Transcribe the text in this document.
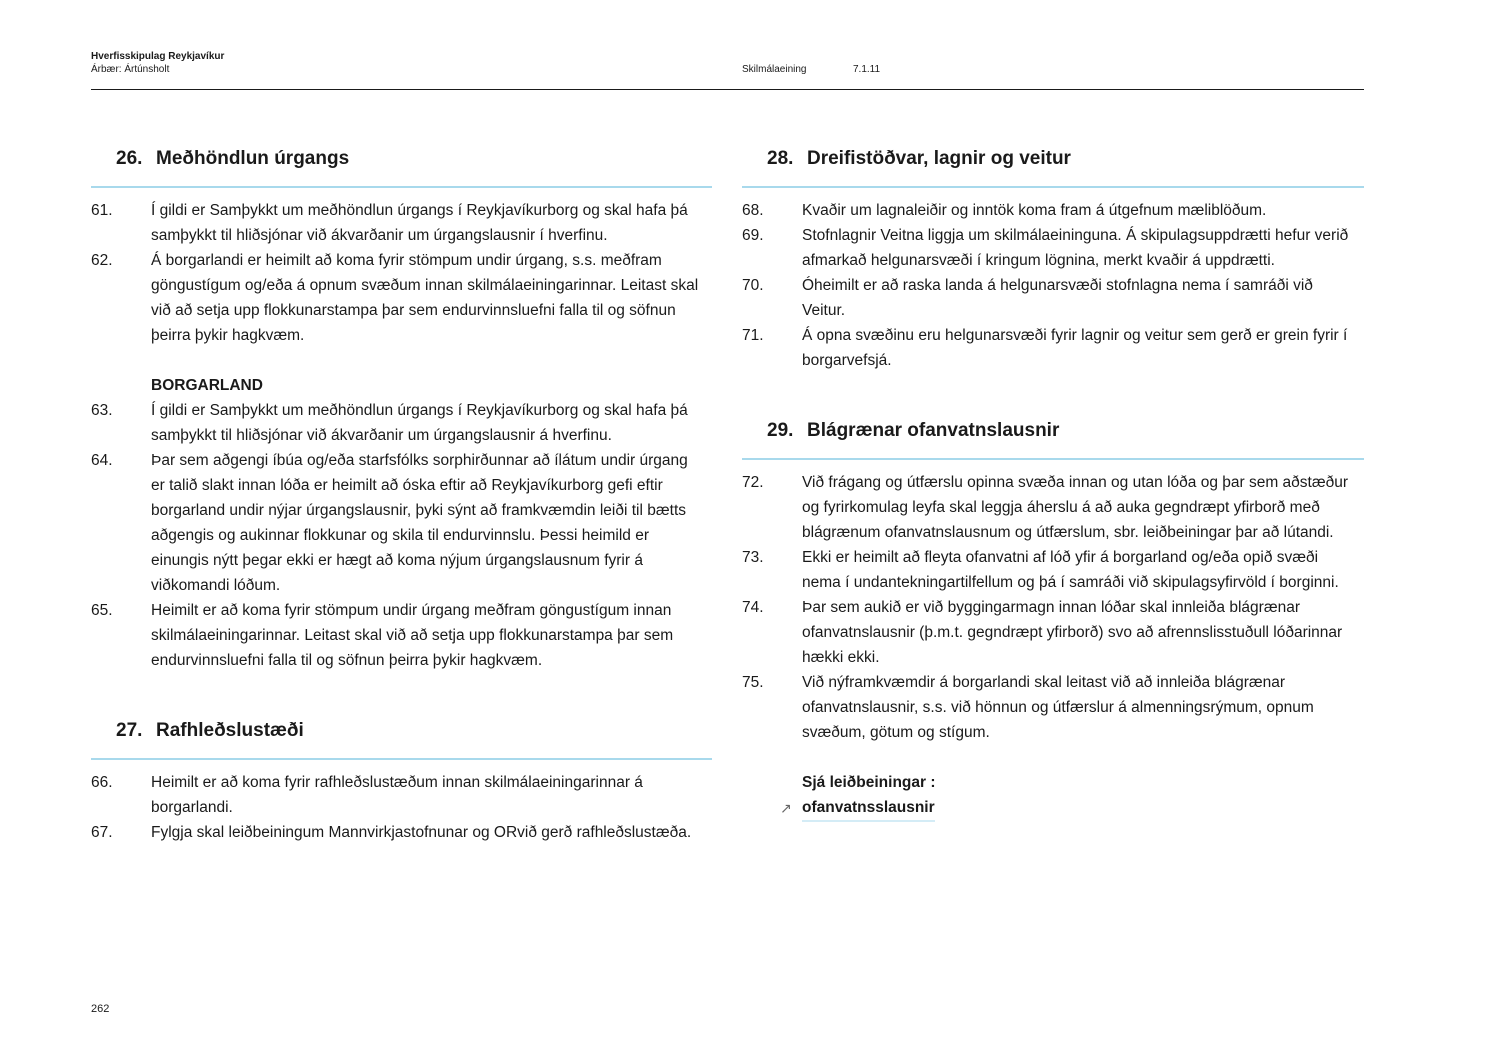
Hverfisskipulag Reykjavíkur
Árbær: Ártúnsholt	Skilmálaeining	7.1.11
26. Meðhöndlun úrgangs
61.	Í gildi er Samþykkt um meðhöndlun úrgangs í Reykjavíkurborg og skal hafa þá samþykkt til hliðsjónar við ákvarðanir um úrgangslausnir í hverfinu.
62.	Á borgarlandi er heimilt að koma fyrir stömpum undir úrgang, s.s. meðfram göngustígum og/eða á opnum svæðum innan skilmálaeiningarinnar. Leitast skal við að setja upp flokkunarstampa þar sem endurvinnsluefni falla til og söfnun þeirra þykir hagkvæm.
BORGARLAND
63.	Í gildi er Samþykkt um meðhöndlun úrgangs í Reykjavíkurborg og skal hafa þá samþykkt til hliðsjónar við ákvarðanir um úrgangslausnir á hverfinu.
64.	Þar sem aðgengi íbúa og/eða starfsfólks sorphirðunnar að ílátum undir úrgang er talið slakt innan lóða er heimilt að óska eftir að Reykjavíkurborg gefi eftir borgarland undir nýjar úrgangslausnir, þyki sýnt að framkvæmdin leiði til bætts aðgengis og aukinnar flokkunar og skila til endurvinnslu. Þessi heimild er einungis nýtt þegar ekki er hægt að koma nýjum úrgangslausnum fyrir á viðkomandi lóðum.
65.	Heimilt er að koma fyrir stömpum undir úrgang meðfram göngustígum innan skilmálaeiningarinnar. Leitast skal við að setja upp flokkunarstampa þar sem endurvinnsluefni falla til og söfnun þeirra þykir hagkvæm.
27. Rafhleðslustæði
66.	Heimilt er að koma fyrir rafhleðslustæðum innan skilmálaeiningarinnar á borgarlandi.
67.	Fylgja skal leiðbeiningum Mannvirkjastofnunar og ORvið gerð rafhleðslustæða.
28. Dreifistöðvar, lagnir og veitur
68.	Kvaðir um lagnaleiðir og inntök koma fram á útgefnum mæliblöðum.
69.	Stofnlagnir Veitna liggja um skilmálaeininguna. Á skipulagsuppdrætti hefur verið afmarkað helgunarsvæði í kringum lögnina, merkt kvaðir á uppdrætti.
70.	Óheimilt er að raska landa á helgunarsvæði stofnlagna nema í samráði við Veitur.
71.	Á opna svæðinu eru helgunarsvæði fyrir lagnir og veitur sem gerð er grein fyrir í borgarvefsjá.
29. Blágrænar ofanvatnslausnir
72.	Við frágang og útfærslu opinna svæða innan og utan lóða og þar sem aðstæður og fyrirkomulag leyfa skal leggja áherslu á að auka gegndræpt yfirborð með blágrænum ofanvatnslausnum og útfærslum, sbr. leiðbeiningar þar að lútandi.
73.	Ekki er heimilt að fleyta ofanvatni af lóð yfir á borgarland og/eða opið svæði nema í undantekningartilfellum og þá í samráði við skipulagsyfirvöld í borginni.
74.	Þar sem aukið er við byggingarmagn innan lóðar skal innleiða blágrænar ofanvatnslausnir (þ.m.t. gegndræpt yfirborð) svo að afrennslisstuðull lóðarinnar hækki ekki.
75.	Við nýframkvæmdir á borgarlandi skal leitast við að innleiða blágrænar ofanvatnslausnir, s.s. við hönnun og útfærslur á almenningsrýmum, opnum svæðum, götum og stígum.
Sjá leiðbeiningar :
↗ ofanvatnsslausnir
262
